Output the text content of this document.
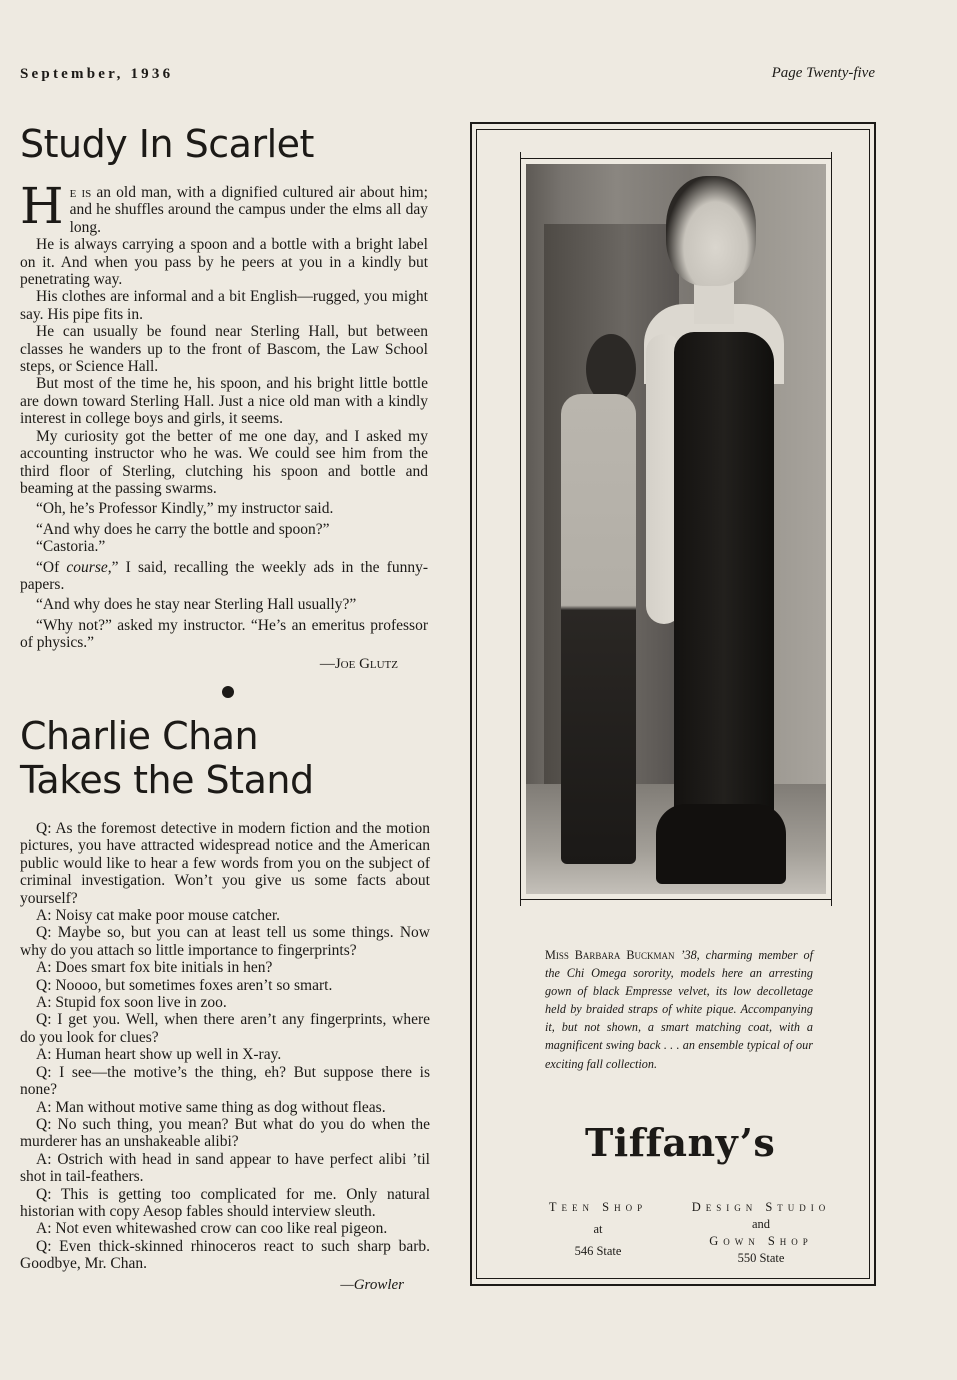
September, 1936	Page Twenty-five
Study In Scarlet

He is an old man, with a dignified cultured air about him; and he shuffles around the campus under the elms all day long.

He is always carrying a spoon and a bottle with a bright label on it. And when you pass by he peers at you in a kindly but penetrating way.

His clothes are informal and a bit English—rugged, you might say. His pipe fits in.

He can usually be found near Sterling Hall, but between classes he wanders up to the front of Bascom, the Law School steps, or Science Hall.

But most of the time he, his spoon, and his bright little bottle are down toward Sterling Hall. Just a nice old man with a kindly interest in college boys and girls, it seems.

My curiosity got the better of me one day, and I asked my accounting instructor who he was. We could see him from the third floor of Sterling, clutching his spoon and bottle and beaming at the passing swarms.

“Oh, he’s Professor Kindly,” my instructor said.

“And why does he carry the bottle and spoon?”

“Castoria.”

“Of course,” I said, recalling the weekly ads in the funny-papers.

“And why does he stay near Sterling Hall usually?”

“Why not?” asked my instructor. “He’s an emeritus professor of physics.”

—Joe Glutz
Charlie Chan
Takes the Stand

Q: As the foremost detective in modern fiction and the motion pictures, you have attracted widespread notice and the American public would like to hear a few words from you on the subject of criminal investigation. Won’t you give us some facts about yourself?

A: Noisy cat make poor mouse catcher.

Q: Maybe so, but you can at least tell us some things. Now why do you attach so little importance to fingerprints?

A: Does smart fox bite initials in hen?

Q: Noooo, but sometimes foxes aren’t so smart.

A: Stupid fox soon live in zoo.

Q: I get you. Well, when there aren’t any fingerprints, where do you look for clues?

A: Human heart show up well in X-ray.

Q: I see—the motive’s the thing, eh? But suppose there is none?

A: Man without motive same thing as dog without fleas.

Q: No such thing, you mean? But what do you do when the murderer has an unshakeable alibi?

A: Ostrich with head in sand appear to have perfect alibi ’til shot in tail-feathers.

Q: This is getting too complicated for me. Only natural historian with copy Aesop fables should interview sleuth.

A: Not even whitewashed crow can coo like real pigeon.

Q: Even thick-skinned rhinoceros react to such sharp barb. Goodbye, Mr. Chan.

—Growler
Miss Barbara Buckman ’38, charming member of the Chi Omega sorority, models here an arresting gown of black Empresse velvet, its low decolletage held by braided straps of white pique. Accompanying it, but not shown, a smart matching coat, with a magnificent swing back . . . an ensemble typical of our exciting fall collection.
Tiffany’s
Teen Shop
at
546 State
Design Studio
and
Gown Shop
550 State
